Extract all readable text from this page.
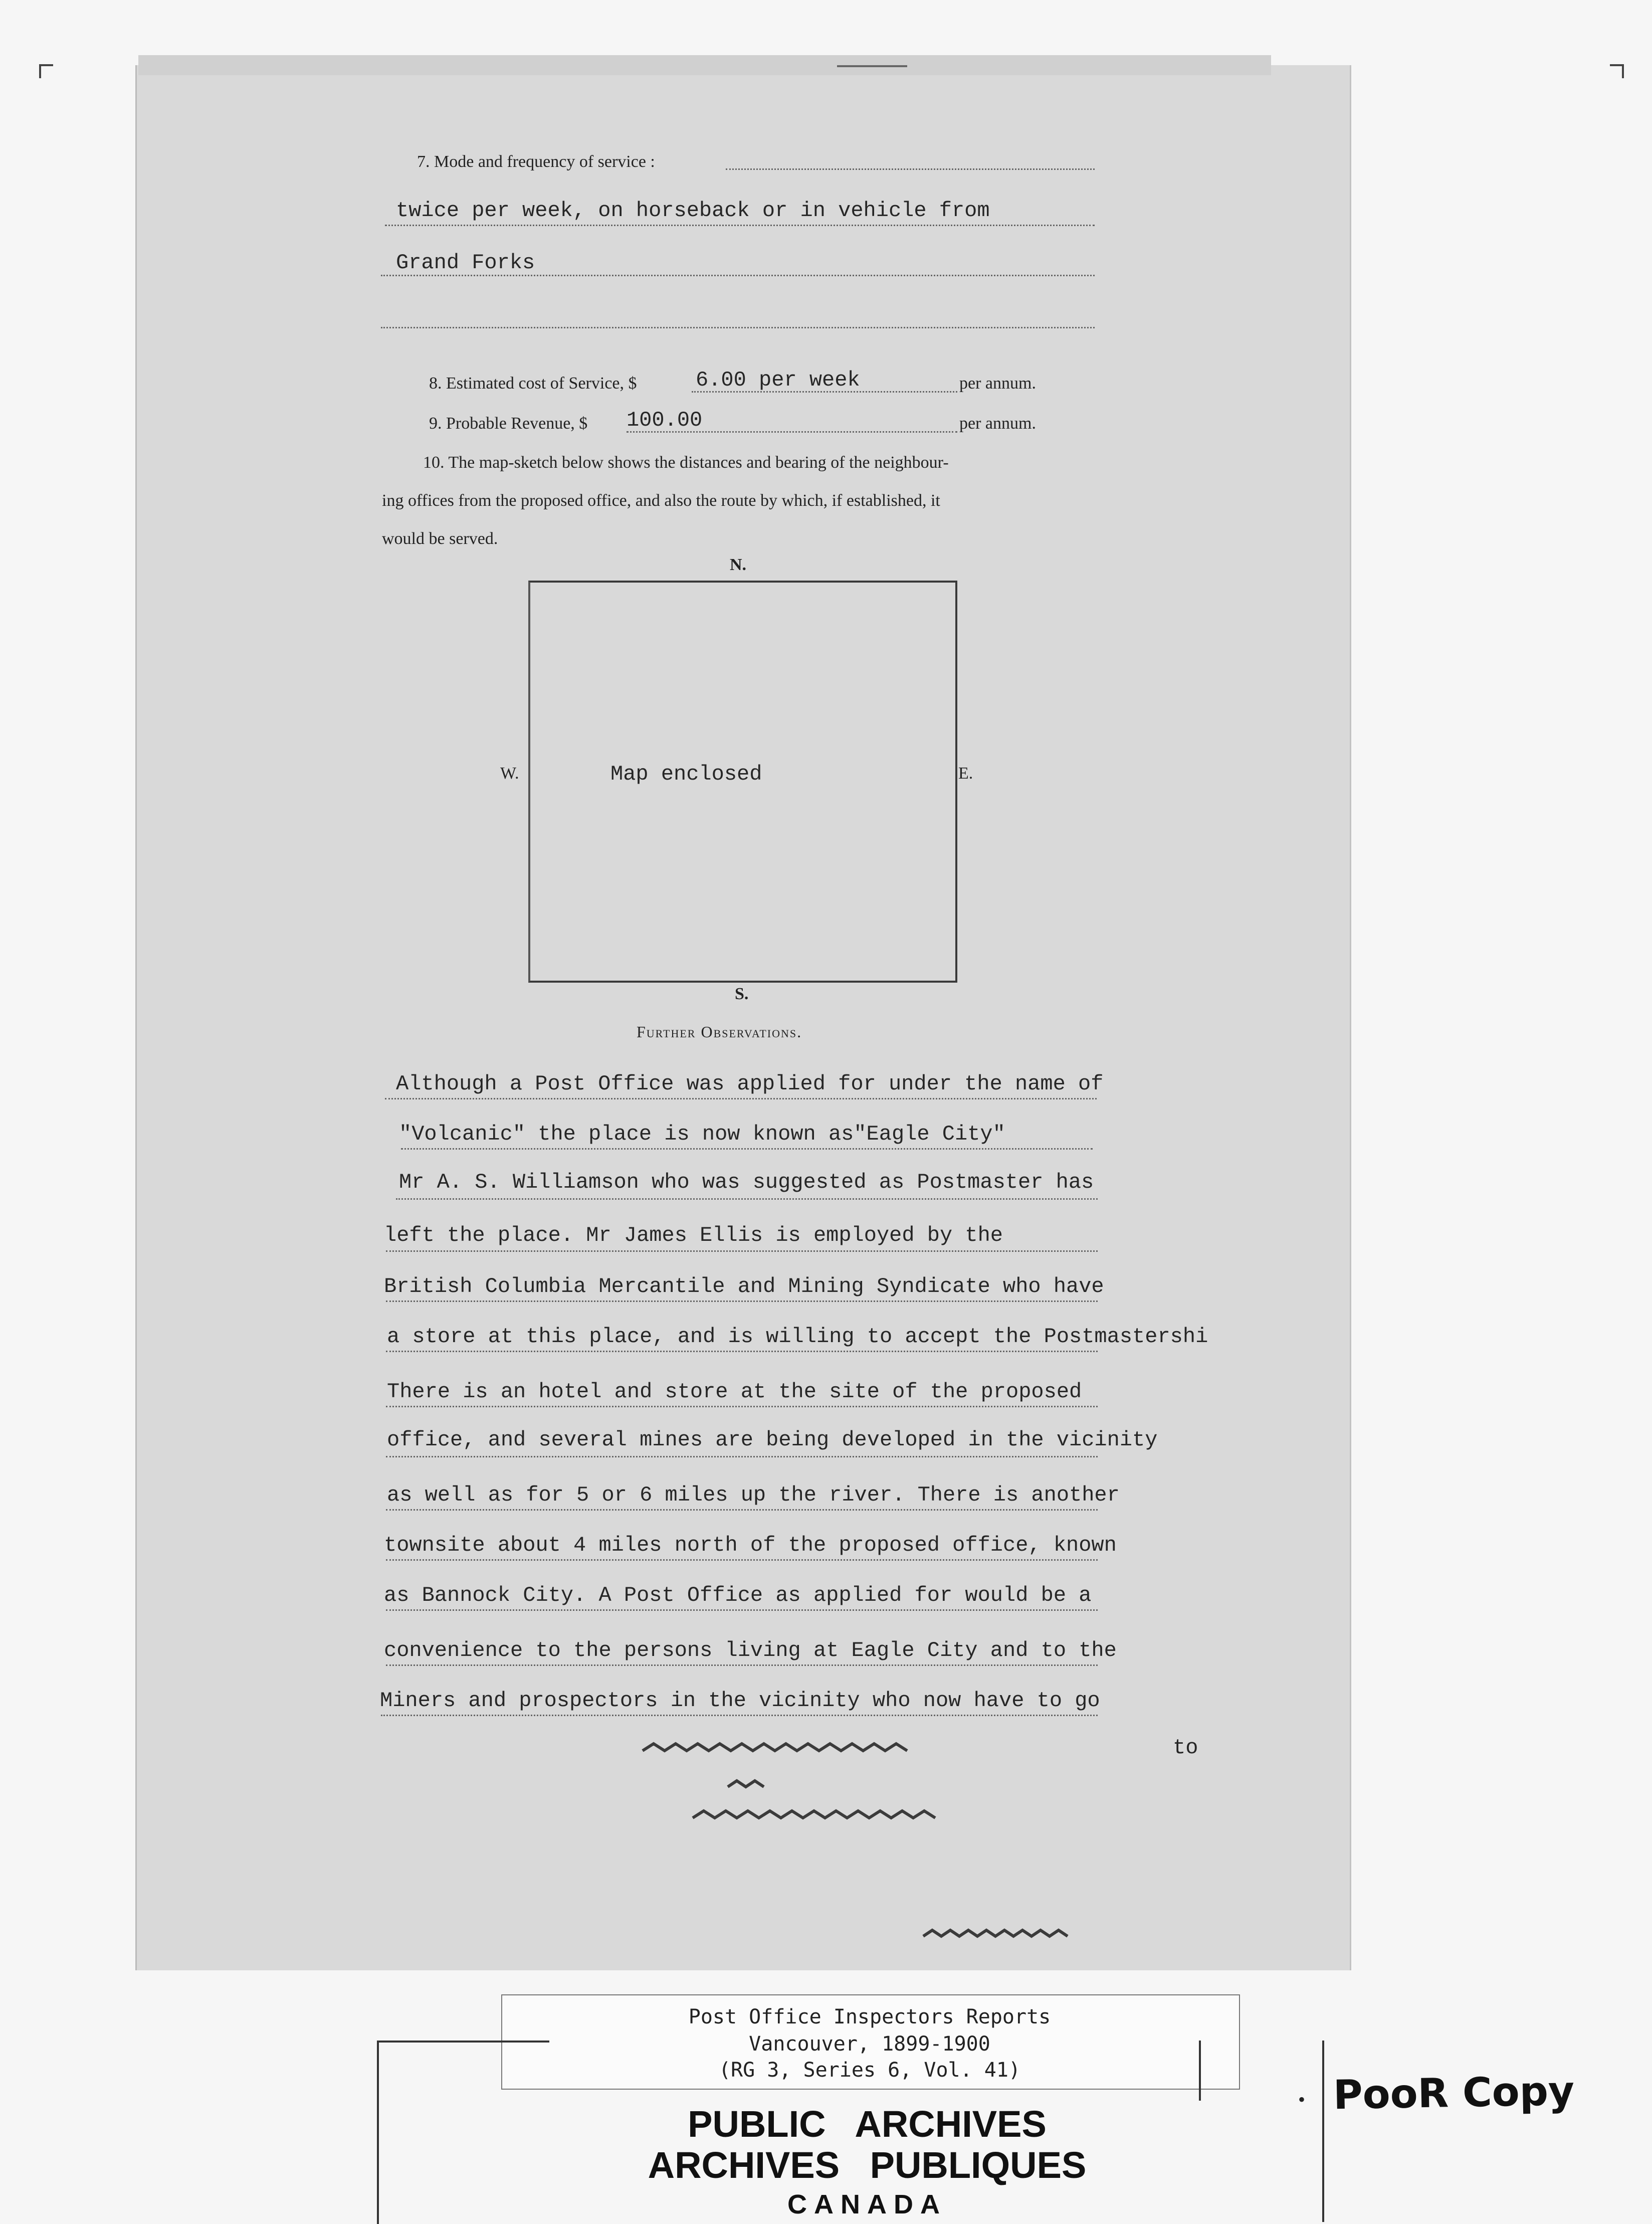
7. Mode and frequency of service :
twice per week, on horseback or in vehicle from
Grand Forks
8. Estimated cost of Service, $	6.00 per week	per annum.
9. Probable Revenue, $ 100.00	per annum.
10. The map-sketch below shows the distances and bearing of the neighbour-
ing offices from the proposed office, and also the route by which, if established, it
would be served.
N.
W.	E.
Map enclosed
S.
Further Observations.
Although a Post Office was applied for under the name of
"Volcanic" the place is now known as"Eagle City"
Mr A. S. Williamson who was suggested as Postmaster has
left the place. Mr James Ellis is employed by the
British Columbia Mercantile and Mining Syndicate who have
a store at this place, and is willing to accept the Postmastershi
There is an hotel and store at the site of the proposed
office, and several mines are being developed in the vicinity
as well as for 5 or 6 miles up the river. There is another
townsite about 4 miles north of the proposed office, known
as Bannock City. A Post Office as applied for would be a
convenience to the persons living at Eagle City and to the
Miners and prospectors in the vicinity who now have to go
to
Post Office Inspectors Reports
Vancouver, 1899-1900
(RG 3, Series 6, Vol. 41)
•
PUBLIC ARCHIVES
ARCHIVES PUBLIQUES
CANADA
PooR Copy
